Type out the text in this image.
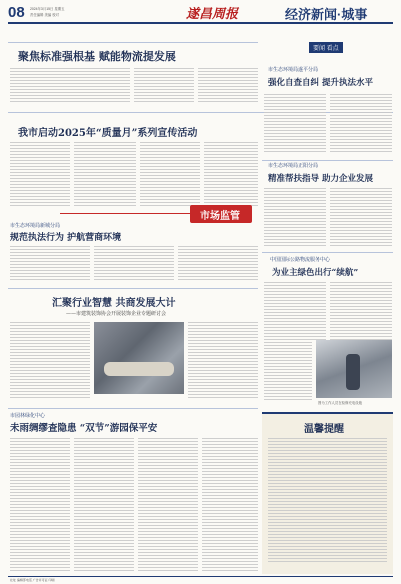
08 2024年3月15日 星期五
责任编辑 美编 校对	遂昌周报	经济新闻·城事
聚焦标准强根基 赋能物流提发展
我市启动2025年“质量月”系列宣传活动
市场监管
市生态环境局新城分局
规范执法行为 护航营商环境
汇聚行业智慧 共商发展大计
——市建筑装饰协会开展装饰企业专题研讨会
市园林绿化中心
未雨绸缪查隐患 “双节”游园保平安
要闻 看点
市生态环境局遂平分局
强化自查自纠 提升执法水平
市生态环境局正阳分局
精准帮扶指导 助力企业发展
中国国际公路物流服务中心
为业主绿色出行“续航”
图为工作人员在检修充电设施
温馨提醒
社址 编辑部电话 广告许可证 印刷
